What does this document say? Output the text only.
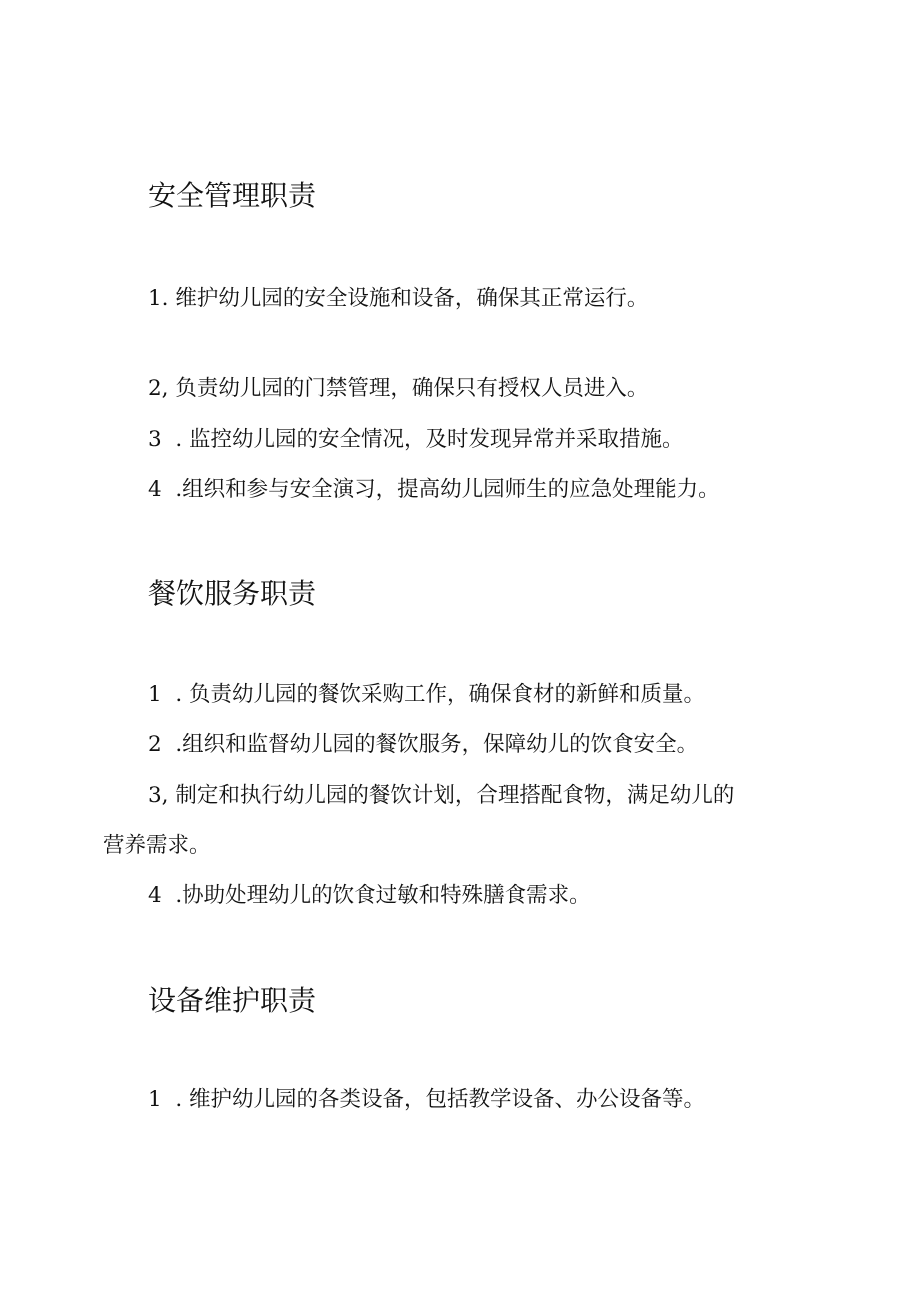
安全管理职责
1. 维护幼儿园的安全设施和设备，确保其正常运行。
2, 负责幼儿园的门禁管理，确保只有授权人员进入。
3  . 监控幼儿园的安全情况，及时发现异常并采取措施。
4  .组织和参与安全演习，提高幼儿园师生的应急处理能力。
餐饮服务职责
1  . 负责幼儿园的餐饮采购工作，确保食材的新鲜和质量。
2  .组织和监督幼儿园的餐饮服务，保障幼儿的饮食安全。
3, 制定和执行幼儿园的餐饮计划，合理搭配食物，满足幼儿的
营养需求。
4  .协助处理幼儿的饮食过敏和特殊膳食需求。
设备维护职责
1  . 维护幼儿园的各类设备，包括教学设备、办公设备等。
